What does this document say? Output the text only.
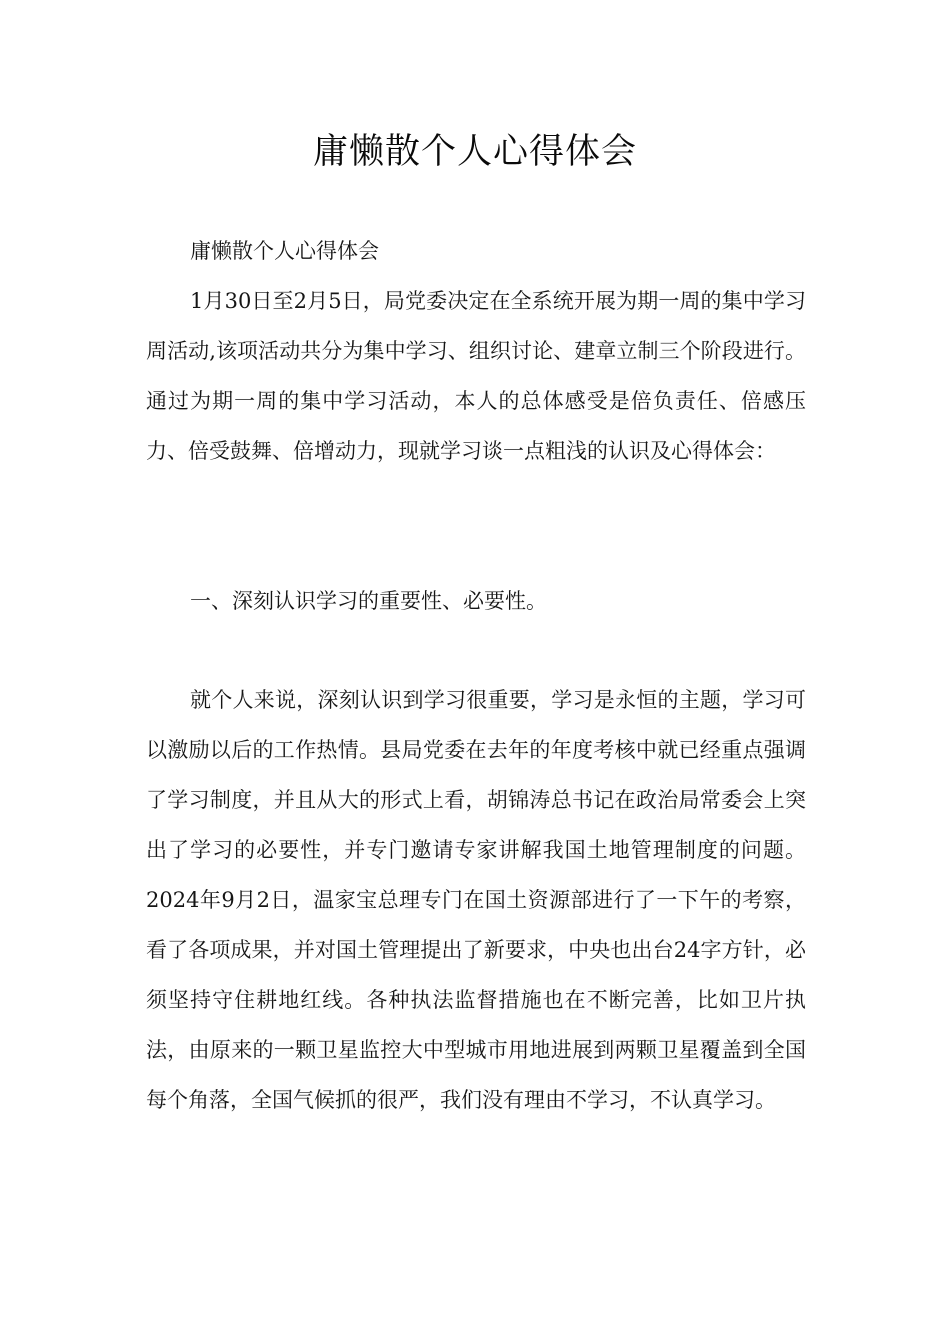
庸懒散个人心得体会

庸懒散个人心得体会

1月30日至2月5日，局党委决定在全系统开展为期一周的集中学习周活动,该项活动共分为集中学习、组织讨论、建章立制三个阶段进行。通过为期一周的集中学习活动，本人的总体感受是倍负责任、倍感压力、倍受鼓舞、倍增动力，现就学习谈一点粗浅的认识及心得体会：

一、深刻认识学习的重要性、必要性。

就个人来说，深刻认识到学习很重要，学习是永恒的主题，学习可以激励以后的工作热情。县局党委在去年的年度考核中就已经重点强调了学习制度，并且从大的形式上看，胡锦涛总书记在政治局常委会上突出了学习的必要性，并专门邀请专家讲解我国土地管理制度的问题。2024年9月2日，温家宝总理专门在国土资源部进行了一下午的考察，看了各项成果，并对国土管理提出了新要求，中央也出台24字方针，必须坚持守住耕地红线。各种执法监督措施也在不断完善，比如卫片执法，由原来的一颗卫星监控大中型城市用地进展到两颗卫星覆盖到全国每个角落，全国气候抓的很严，我们没有理由不学习，不认真学习。
